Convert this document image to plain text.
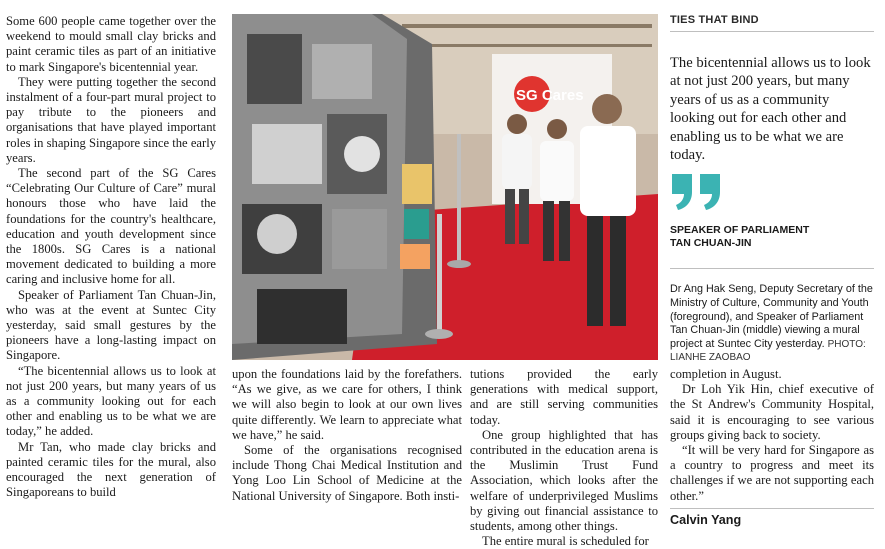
Some 600 people came together over the weekend to mould small clay bricks and paint ceramic tiles as part of an initiative to mark Singapore's bicentennial year.

They were putting together the second instalment of a four-part mural project to pay tribute to the pioneers and organisations that have played important roles in shaping Singapore since the early years.

The second part of the SG Cares “Celebrating Our Culture of Care” mural honours those who have laid the foundations for the country's healthcare, education and youth development since the 1800s. SG Cares is a national movement dedicated to building a more caring and inclusive home for all.

Speaker of Parliament Tan Chuan-Jin, who was at the event at Suntec City yesterday, said small gestures by the pioneers have a long-lasting impact on Singapore.

“The bicentennial allows us to look at not just 200 years, but many years of us as a community looking out for each other and enabling us to be what we are today,” he added.

Mr Tan, who made clay bricks and painted ceramic tiles for the mural, also encouraged the next generation of Singaporeans to build

SG Cares
TIES THAT BIND
The bicentennial allows us to look at not just 200 years, but many years of us as a community looking out for each other and enabling us to be what we are today.
SPEAKER OF PARLIAMENT
TAN CHUAN-JIN
Dr Ang Hak Seng, Deputy Secretary of the Ministry of Culture, Community and Youth (foreground), and Speaker of Parliament Tan Chuan-Jin (middle) viewing a mural project at Suntec City yesterday. PHOTO: LIANHE ZAOBAO

upon the foundations laid by the forefathers. “As we give, as we care for others, I think we will also begin to look at our own lives quite differently. We learn to appreciate what we have,” he said.

Some of the organisations recognised include Thong Chai Medical Institution and Yong Loo Lin School of Medicine at the National University of Singapore. Both insti-

tutions provided the early generations with medical support, and are still serving communities today.

One group highlighted that has contributed in the education arena is the Muslimin Trust Fund Association, which looks after the welfare of underprivileged Muslims by giving out financial assistance to students, among other things.

The entire mural is scheduled for

completion in August.

Dr Loh Yik Hin, chief executive of the St Andrew's Community Hospital, said it is encouraging to see various groups giving back to society.

“It will be very hard for Singapore as a country to progress and meet its challenges if we are not supporting each other.”

Calvin Yang
